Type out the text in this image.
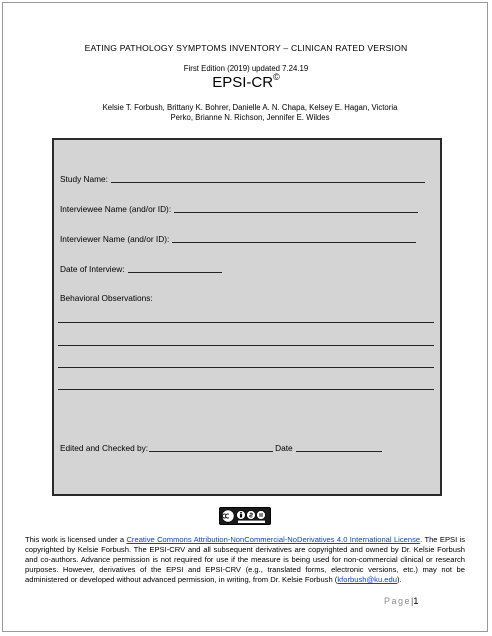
EATING PATHOLOGY SYMPTOMS INVENTORY – CLINICAN RATED VERSION
First Edition (2019) updated 7.24.19
EPSI-CR©
Kelsie T. Forbush, Brittany K. Bohrer, Danielle A. N. Chapa, Kelsey E. Hagan, Victoria
Perko, Brianne N. Richson, Jennifer E. Wildes
Study Name:
Interviewee Name (and/or ID):
Interviewer Name (and/or ID):
Date of Interview:
Behavioral Observations:
Edited and Checked by:	Date
This work is licensed under a Creative Commons Attribution-NonCommercial-NoDerivatives 4.0 International License. The EPSI is copyrighted by Kelsie Forbush. The EPSI-CRV and all subsequent derivatives are copyrighted and owned by Dr. Kelsie Forbush and co-authors. Advance permission is not required for use if the measure is being used for non-commercial clinical or research purposes. However, derivatives of the EPSI and EPSI-CRV (e.g., translated forms, electronic versions, etc.) may not be administered or developed without advanced permission, in writing, from Dr. Kelsie Forbush (kforbush@ku.edu).
Page|1
